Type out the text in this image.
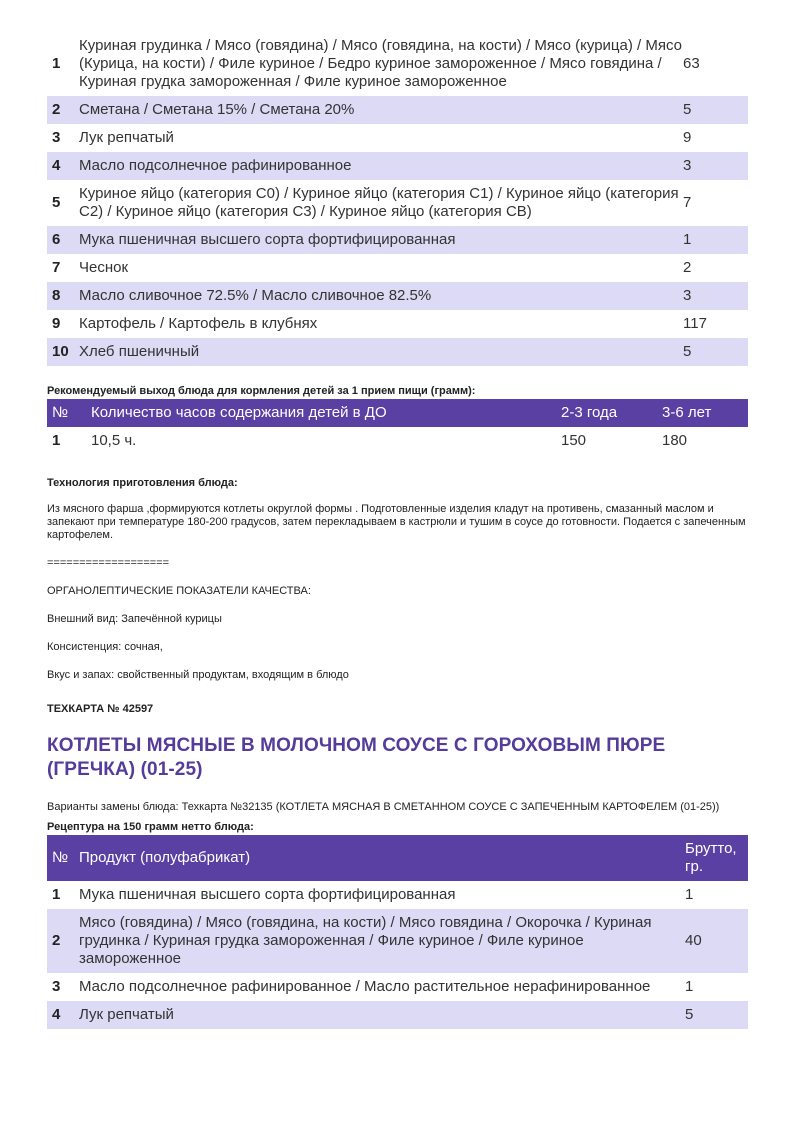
1	Куриная грудинка / Мясо (говядина) / Мясо (говядина, на кости) / Мясо (курица) / Мясо (Курица, на кости) / Филе куриное / Бедро куриное замороженное / Мясо говядина / Куриная грудка замороженная / Филе куриное замороженное	63
2	Сметана / Сметана 15% / Сметана 20%	5
3	Лук репчатый	9
4	Масло подсолнечное рафинированное	3
5	Куриное яйцо (категория С0) / Куриное яйцо (категория С1) / Куриное яйцо (категория С2) / Куриное яйцо (категория С3) / Куриное яйцо (категория СВ)	7
6	Мука пшеничная высшего сорта фортифицированная	1
7	Чеснок	2
8	Масло сливочное 72.5% / Масло сливочное 82.5%	3
9	Картофель / Картофель в клубнях	117
10	Хлеб пшеничный	5
Рекомендуемый выход блюда для кормления детей за 1 прием пищи (грамм):
№	Количество часов содержания детей в ДО	2-3 года	3-6 лет
1	10,5 ч.	150	180
Технология приготовления блюда:
Из мясного фарша ,формируются котлеты округлой формы . Подготовленные изделия кладут на противень, смазанный маслом и запекают при температуре 180-200 градусов, затем перекладываем в кастрюли и тушим в соусе до готовности. Подается с запеченным картофелем.
===================
ОРГАНОЛЕПТИЧЕСКИЕ ПОКАЗАТЕЛИ КАЧЕСТВА:
Внешний вид: Запечённой курицы
Консистенция: сочная,
Вкус и запах: свойственный продуктам, входящим в блюдо
ТЕХКАРТА № 42597
КОТЛЕТЫ МЯСНЫЕ В МОЛОЧНОМ СОУСЕ С ГОРОХОВЫМ ПЮРЕ (ГРЕЧКА) (01-25)
Варианты замены блюда: Техкарта №32135 (КОТЛЕТА МЯСНАЯ В СМЕТАННОМ СОУСЕ С ЗАПЕЧЕННЫМ КАРТОФЕЛЕМ (01-25))
Рецептура на 150 грамм нетто блюда:
№	Продукт (полуфабрикат)	Брутто, гр.
1	Мука пшеничная высшего сорта фортифицированная	1
2	Мясо (говядина) / Мясо (говядина, на кости) / Мясо говядина / Окорочка / Куриная грудинка / Куриная грудка замороженная / Филе куриное / Филе куриное замороженное	40
3	Масло подсолнечное рафинированное / Масло растительное нерафинированное	1
4	Лук репчатый	5
